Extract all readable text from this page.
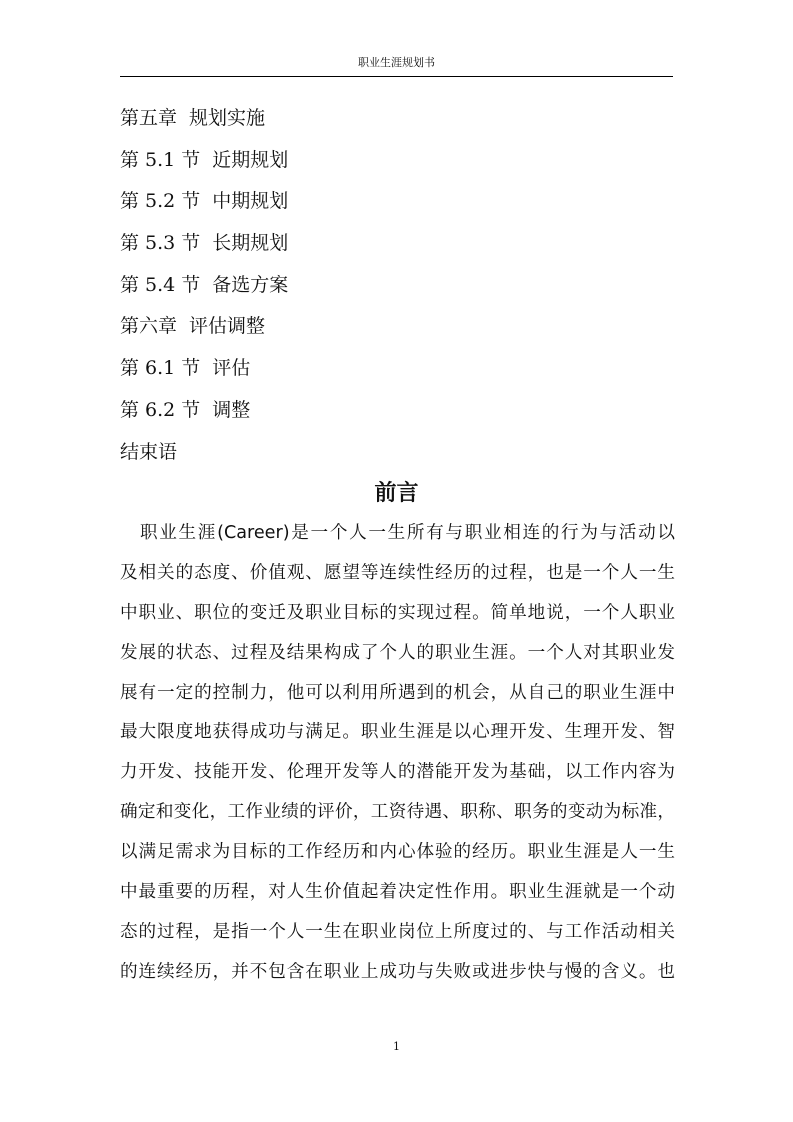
职业生涯规划书
第五章 规划实施
第 5.1 节 近期规划
第 5.2 节 中期规划
第 5.3 节 长期规划
第 5.4 节 备选方案
第六章 评估调整
第 6.1 节 评估
第 6.2 节 调整
结束语
前言
职业生涯(Career)是一个人一生所有与职业相连的行为与活动以
及相关的态度、价值观、愿望等连续性经历的过程，也是一个人一生
中职业、职位的变迁及职业目标的实现过程。简单地说，一个人职业
发展的状态、过程及结果构成了个人的职业生涯。一个人对其职业发
展有一定的控制力，他可以利用所遇到的机会，从自己的职业生涯中
最大限度地获得成功与满足。职业生涯是以心理开发、生理开发、智
力开发、技能开发、伦理开发等人的潜能开发为基础，以工作内容为
确定和变化，工作业绩的评价，工资待遇、职称、职务的变动为标准，
以满足需求为目标的工作经历和内心体验的经历。职业生涯是人一生
中最重要的历程，对人生价值起着决定性作用。职业生涯就是一个动
态的过程，是指一个人一生在职业岗位上所度过的、与工作活动相关
的连续经历，并不包含在职业上成功与失败或进步快与慢的含义。也
1
